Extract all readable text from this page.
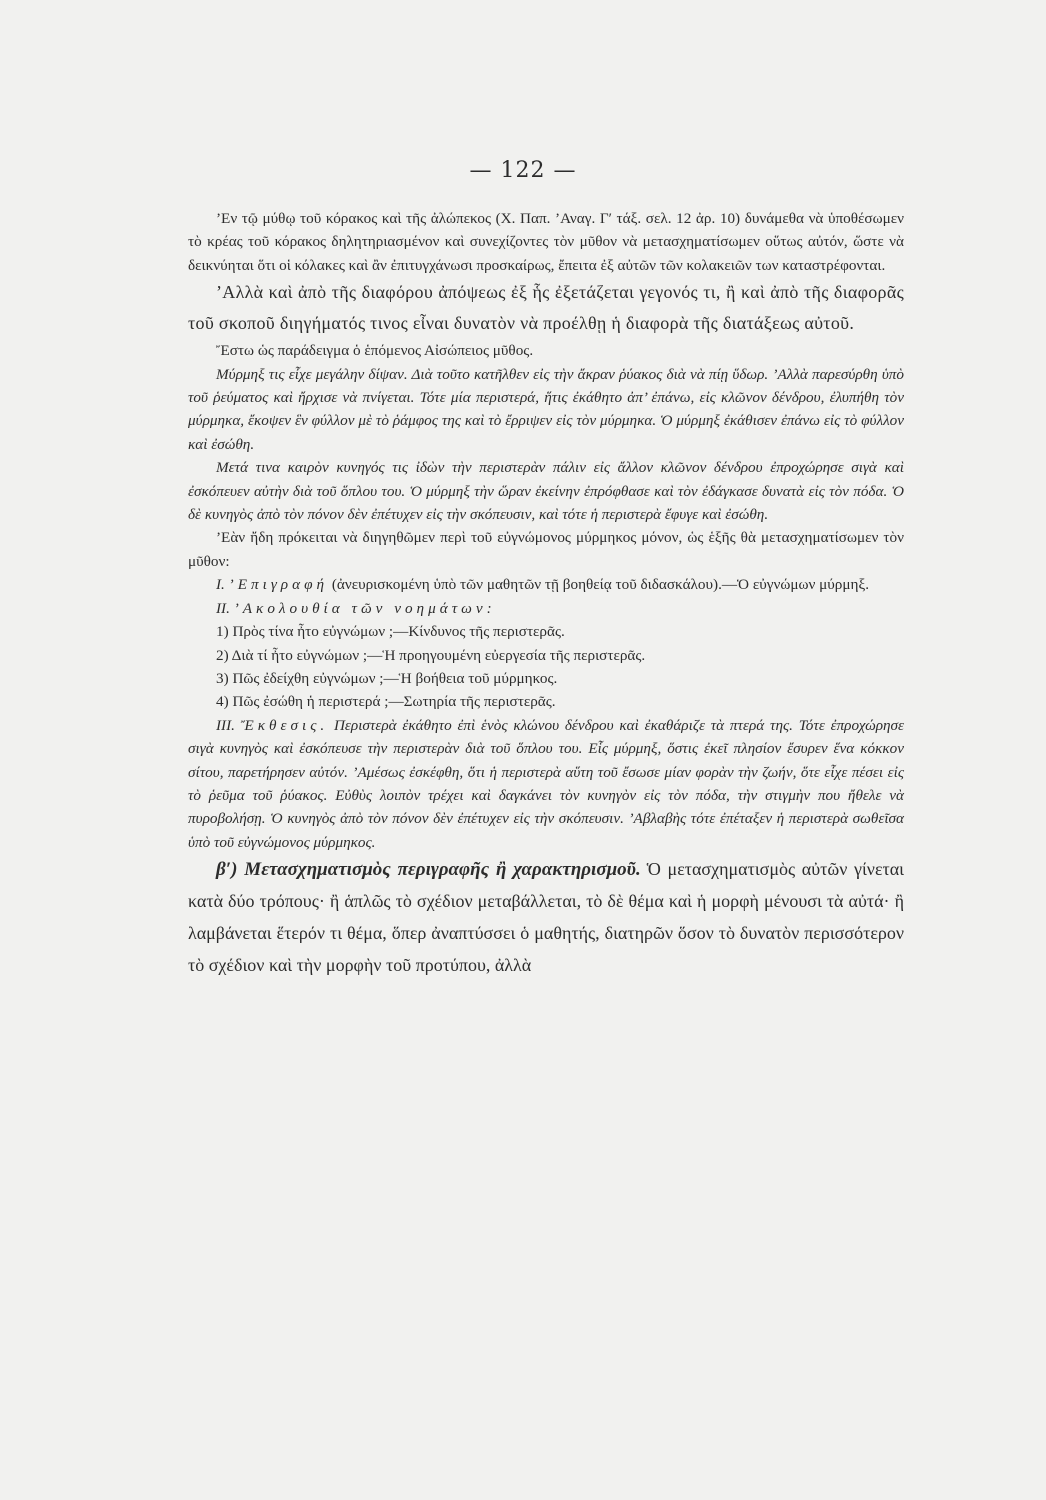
— 122 —

’Εν τῷ μύθῳ τοῦ κόρακος καὶ τῆς ἀλώπεκος (Χ. Παπ. ’Αναγ. Γ′ τάξ. σελ. 12 ἀρ. 10) δυνάμεθα νὰ ὑποθέσωμεν τὸ κρέας τοῦ κόρακος δηλητηριασμένον καὶ συνεχίζοντες τὸν μῦθον νὰ μετασχηματίσωμεν οὕτως αὐτόν, ὥστε νὰ δεικνύηται ὅτι οἱ κόλακες καὶ ἂν ἐπιτυγχάνωσι προσκαίρως, ἔπειτα ἐξ αὐτῶν τῶν κολακειῶν των καταστρέφονται.

’Αλλὰ καὶ ἀπὸ τῆς διαφόρου ἀπόψεως ἐξ ἧς ἐξετάζεται γεγονός τι, ἢ καὶ ἀπὸ τῆς διαφορᾶς τοῦ σκοποῦ διηγήματός τινος εἶναι δυνατὸν νὰ προέλθῃ ἡ διαφορὰ τῆς διατάξεως αὐτοῦ.

Ἔστω ὡς παράδειγμα ὁ ἑπόμενος Αἰσώπειος μῦθος.

Μύρμηξ τις εἶχε μεγάλην δίψαν. Διὰ τοῦτο κατῆλθεν εἰς τὴν ἄκραν ῥύακος διὰ νὰ πίῃ ὕδωρ. ’Αλλὰ παρεσύρθη ὑπὸ τοῦ ῥεύματος καὶ ἤρχισε νὰ πνίγεται. Τότε μία περιστερά, ἥτις ἐκάθητο ἀπ’ ἐπάνω, εἰς κλῶνον δένδρου, ἐλυπήθη τὸν μύρμηκα, ἔκοψεν ἓν φύλλον μὲ τὸ ῥάμφος της καὶ τὸ ἔρριψεν εἰς τὸν μύρμηκα. Ὁ μύρμηξ ἐκάθισεν ἐπάνω εἰς τὸ φύλλον καὶ ἐσώθη.

Μετά τινα καιρὸν κυνηγός τις ἰδὼν τὴν περιστερὰν πάλιν εἰς ἄλλον κλῶνον δένδρου ἐπροχώρησε σιγὰ καὶ ἐσκόπευεν αὐτὴν διὰ τοῦ ὅπλου του. Ὁ μύρμηξ τὴν ὥραν ἐκείνην ἐπρόφθασε καὶ τὸν ἐδάγκασε δυνατὰ εἰς τὸν πόδα. Ὁ δὲ κυνηγὸς ἀπὸ τὸν πόνον δὲν ἐπέτυχεν εἰς τὴν σκόπευσιν, καὶ τότε ἡ περιστερὰ ἔφυγε καὶ ἐσώθη.

’Εὰν ἤδη πρόκειται νὰ διηγηθῶμεν περὶ τοῦ εὐγνώμονος μύρμηκος μόνον, ὡς ἑξῆς θὰ μετασχηματίσωμεν τὸν μῦθον:

I. ’Επιγραφή (ἀνευρισκομένη ὑπὸ τῶν μαθητῶν τῇ βοηθείᾳ τοῦ διδασκάλου).—Ὁ εὐγνώμων μύρμηξ.

II. ’Ακολουθία τῶν νοημάτων:

1) Πρὸς τίνα ἦτο εὐγνώμων ;—Κίνδυνος τῆς περιστερᾶς.

2) Διὰ τί ἦτο εὐγνώμων ;—Ἡ προηγουμένη εὐεργεσία τῆς περιστερᾶς.

3) Πῶς ἐδείχθη εὐγνώμων ;—Ἡ βοήθεια τοῦ μύρμηκος.

4) Πῶς ἐσώθη ἡ περιστερά ;—Σωτηρία τῆς περιστερᾶς.

III. Ἔκθεσις. Περιστερὰ ἐκάθητο ἐπὶ ἑνὸς κλώνου δένδρου καὶ ἐκαθάριζε τὰ πτερά της. Τότε ἐπροχώρησε σιγὰ κυνηγὸς καὶ ἐσκόπευσε τὴν περιστερὰν διὰ τοῦ ὅπλου του. Εἷς μύρμηξ, ὅστις ἐκεῖ πλησίον ἔσυρεν ἕνα κόκκον σίτου, παρετήρησεν αὐτόν. ’Αμέσως ἐσκέφθη, ὅτι ἡ περιστερὰ αὕτη τοῦ ἔσωσε μίαν φορὰν τὴν ζωήν, ὅτε εἶχε πέσει εἰς τὸ ῥεῦμα τοῦ ῥύακος. Εὐθὺς λοιπὸν τρέχει καὶ δαγκάνει τὸν κυνηγὸν εἰς τὸν πόδα, τὴν στιγμὴν που ἤθελε νὰ πυροβολήσῃ. Ὁ κυνηγὸς ἀπὸ τὸν πόνον δὲν ἐπέτυχεν εἰς τὴν σκόπευσιν. ’Αβλαβὴς τότε ἐπέταξεν ἡ περιστερὰ σωθεῖσα ὑπὸ τοῦ εὐγνώμονος μύρμηκος.

β′) Μετασχηματισμὸς περιγραφῆς ἢ χαρακτηρισμοῦ. Ὁ μετασχηματισμὸς αὐτῶν γίνεται κατὰ δύο τρόπους· ἢ ἁπλῶς τὸ σχέδιον μεταβάλλεται, τὸ δὲ θέμα καὶ ἡ μορφὴ μένουσι τὰ αὐτά· ἢ λαμβάνεται ἕτερόν τι θέμα, ὅπερ ἀναπτύσσει ὁ μαθητής, διατηρῶν ὅσον τὸ δυνατὸν περισσότερον τὸ σχέδιον καὶ τὴν μορφὴν τοῦ προτύπου, ἀλλὰ
